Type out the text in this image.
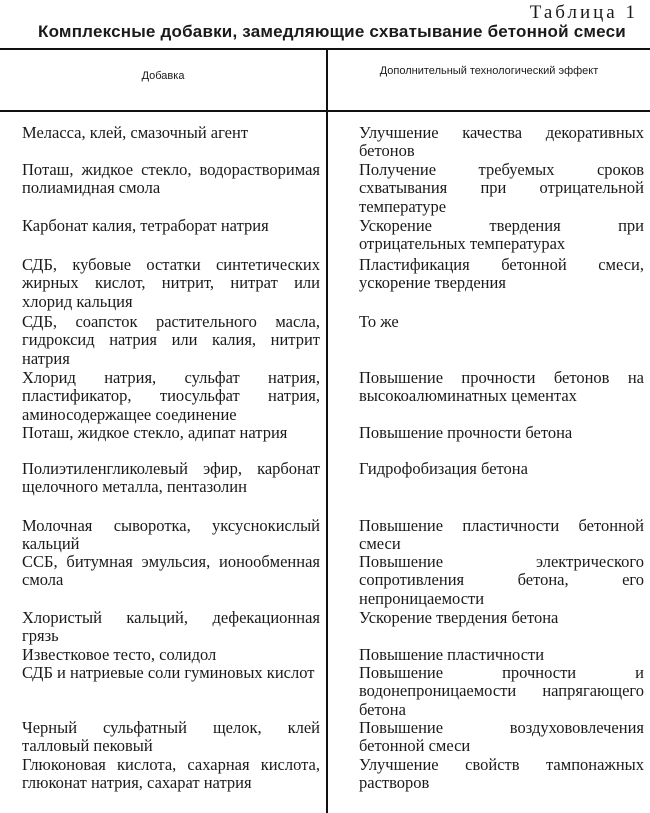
Таблица 1
Комплексные добавки, замедляющие схватывание бетонной смеси
Добавка	Дополнительный технологический эффект
Меласса, клей, смазочный агент
Поташ, жидкое стекло, водорастворимая полиамидная смола
Карбонат калия, тетраборат натрия
СДБ, кубовые остатки синтетических жирных кислот, нитрит, нитрат или хлорид кальция
СДБ, соапсток растительного масла, гидроксид натрия или калия, нитрит натрия
Хлорид натрия, сульфат натрия, пластификатор, тиосульфат натрия, аминосодержащее соединение
Поташ, жидкое стекло, адипат натрия
Полиэтиленгликолевый эфир, карбонат щелочного металла, пентазолин
Молочная сыворотка, уксуснокислый кальций
ССБ, битумная эмульсия, ионообменная смола
Хлористый кальций, дефекационная грязь
Известковое тесто, солидол
СДБ и натриевые соли гуминовых кислот
Черный сульфатный щелок, клей талловый пековый
Глюконовая кислота, сахарная кислота, глюконат натрия, сахарат натрия
Улучшение качества декоративных бетонов
Получение требуемых сроков схватывания при отрицательной температуре
Ускорение твердения при отрицательных температурах
Пластификация бетонной смеси, ускорение твердения
То же
Повышение прочности бетонов на высокоалюминатных цементах
Повышение прочности бетона
Гидрофобизация бетона
Повышение пластичности бетонной смеси
Повышение электрического сопротивления бетона, его непроницаемости
Ускорение твердения бетона
Повышение пластичности
Повышение прочности и водонепроницаемости напрягающего бетона
Повышение воздухововлечения бетонной смеси
Улучшение свойств тампонажных растворов
